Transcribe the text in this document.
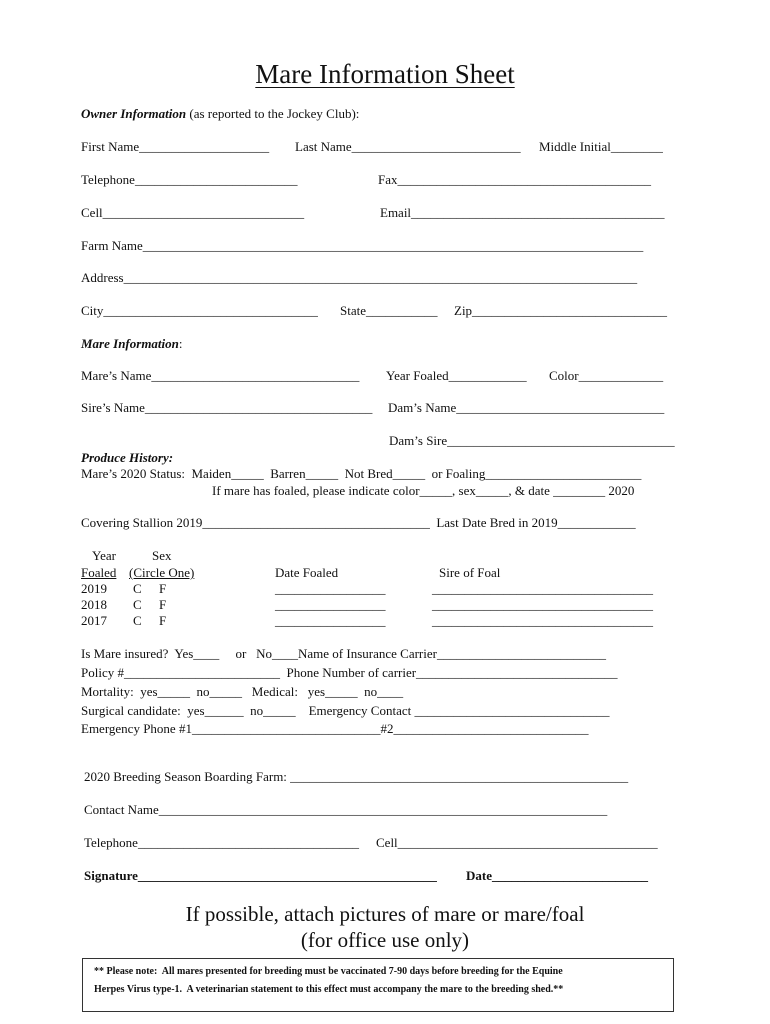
Mare Information Sheet
Owner Information (as reported to the Jockey Club):
First Name____________________ Last Name__________________________ Middle Initial________
Telephone_________________________	Fax_______________________________________
Cell_______________________________	Email_______________________________________
Farm Name_____________________________________________________________________________
Address_______________________________________________________________________________
City_________________________________ State___________ Zip______________________________
Mare Information:
Mare’s Name________________________________ Year Foaled____________ Color_____________
Sire’s Name___________________________________ Dam’s Name________________________________
Dam’s Sire___________________________________
Produce History:
Mare’s 2020 Status:  Maiden_____  Barren_____  Not Bred_____  or Foaling________________________
If mare has foaled, please indicate color_____, sex_____, & date ________ 2020
Covering Stallion 2019___________________________________  Last Date Bred in 2019____________
Year	Sex
Foaled (Circle One)	Date Foaled	Sire of Foal
2019 C F	_________________	__________________________________
2018 C F	_________________	__________________________________
2017 C F	_________________	__________________________________
Is Mare insured?  Yes____     or   No____Name of Insurance Carrier__________________________
Policy #________________________  Phone Number of carrier_______________________________
Mortality:  yes_____  no_____   Medical:   yes_____  no____
Surgical candidate:  yes______  no_____    Emergency Contact ______________________________
Emergency Phone #1_____________________________#2______________________________
2020 Breeding Season Boarding Farm: ____________________________________________________
Contact Name_____________________________________________________________________
Telephone__________________________________ Cell________________________________________
Signature______________________________________________ Date________________________
If possible, attach pictures of mare or mare/foal
(for office use only)
** Please note:  All mares presented for breeding must be vaccinated 7-90 days before breeding for the Equine
Herpes Virus type-1.  A veterinarian statement to this effect must accompany the mare to the breeding shed.**
